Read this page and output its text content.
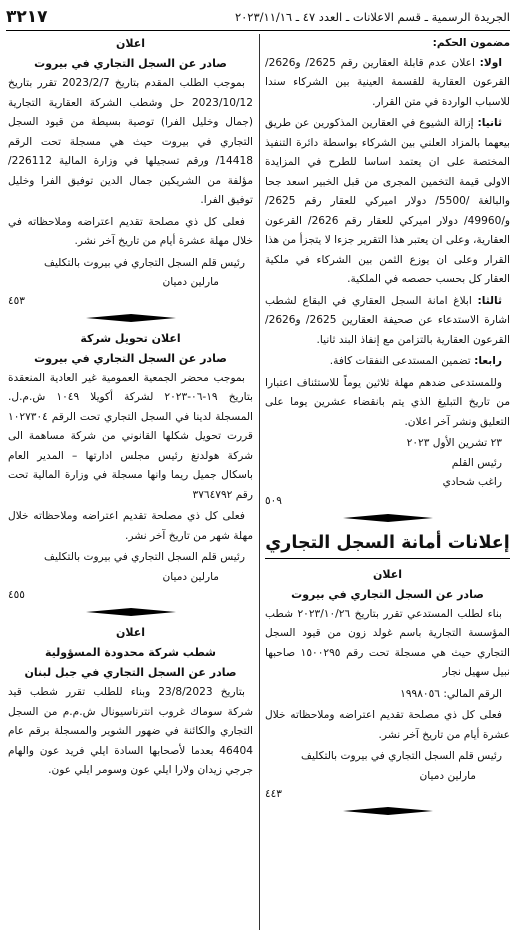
الجريدة الرسمية ـ قسم الاعلانات ـ العدد ٤٧ ـ ٢٠٢٣/١١/١٦
٣٢١٧

مضمون الحكم:

اولا: اعلان عدم قابلة العقارين رقم 2625/ و2626/ القرعون العقارية للقسمة العينية بين الشركاء سندا للاسباب الواردة في متن القرار.

ثانيا: إزالة الشيوع في العقارين المذكورين عن طريق بيعهما بالمزاد العلني بين الشركاء بواسطة دائرة التنفيذ المختصة على ان يعتمد اساسا للطرح في المزايدة الاولى قيمة التخمين المجرى من قبل الخبير اسعد جحا والبالغة /5500/ دولار اميركي للعقار رقم 2625/ و/49960/ دولار اميركي للعقار رقم 2626/ القرعون العقارية، وعلى ان يعتبر هذا التقرير جزءا لا يتجزأ من هذا القرار وعلى ان يوزع الثمن بين الشركاء في ملكية العقار كل بحسب حصصه في الملكية.

ثالثا: ابلاغ امانة السجل العقاري في البقاع لشطب اشارة الاستدعاء عن صحيفة العقارين 2625/ و2626/ القرعون العقارية بالتزامن مع إنفاذ البند ثانيا.

رابعا: تضمين المستدعى النفقات كافة.

وللمستدعى ضدهم مهلة ثلاثين يوماً للاستئناف اعتبارا من تاريخ التبليغ الذي يتم بانقضاء عشرين يوما على التعليق ونشر آخر اعلان.

٢٣ تشرين الأول ٢٠٢٣

رئيس القلم

راغب شحادي

٥٠٩

إعلانات أمانة السجل التجاري

اعلان

صادر عن السجل التجاري في بيروت

بناء لطلب المستدعي تقرر بتاريخ ٢٠٢٣/١٠/٢٦ شطب المؤسسة التجارية باسم غولد زون من قيود السجل التجاري حيث هي مسجلة تحت رقم ١٥٠٠٢٩٥ صاحبها نبيل سهيل نجار

الرقم المالي: ١٩٩٨٠٥٦

فعلى كل ذي مصلحة تقديم اعتراضه وملاحظاته خلال عشرة أيام من تاريخ آخر نشر.

رئيس قلم السجل التجاري في بيروت بالتكليف

مارلين دميان

٤٤٣

اعلان

صادر عن السجل التجاري في بيروت

بموجب الطلب المقدم بتاريخ 2023/2/7 تقرر بتاريخ 2023/10/12 حل وشطب الشركة العقارية التجارية (جمال وخليل الفرا) توصية بسيطة من قيود السجل التجاري في بيروت حيث هي مسجلة تحت الرقم 14418/ ورقم تسجيلها في وزارة المالية 226112/ مؤلفة من الشريكين جمال الدين توفيق الفرا وخليل توفيق الفرا.

فعلى كل ذي مصلحة تقديم اعتراضه وملاحظاته في خلال مهلة عشرة أيام من تاريخ آخر نشر.

رئيس قلم السجل التجاري في بيروت بالتكليف

مارلين دميان

٤٥٣

اعلان تحويل شركة

صادر عن السجل التجاري في بيروت

بموجب محضر الجمعية العمومية غير العادية المنعقدة بتاريخ ١٩-٠٦-٢٠٢٣ لشركة أكويلا ١٠٤٩ ش.م.ل. المسجلة لدينا في السجل التجاري تحت الرقم ١٠٢٧٣٠٤ قررت تحويل شكلها القانوني من شركة مساهمة الى شركة هولدنغ رئيس مجلس ادارتها – المدير العام باسكال جميل ريما وانها مسجلة في وزارة المالية تحت رقم ٣٧٦٤٧٩٢

فعلى كل ذي مصلحة تقديم اعتراضه وملاحظاته خلال مهلة شهر من تاريخ آخر نشر.

رئيس قلم السجل التجاري في بيروت بالتكليف

مارلين دميان

٤٥٥

اعلان

شطب شركة محدودة المسؤولية

صادر عن السجل التجاري في جبل لبنان

بتاريخ 23/8/2023 وبناء للطلب تقرر شطب قيد شركة سوماك غروب انترناسيونال ش.م.م من السجل التجاري والكائنة في ضهور الشوير والمسجلة برقم عام 46404 بعدما لأصحابها السادة ايلي فريد عون والهام جرجي زيدان ولارا ايلي عون وسومر ايلي عون.
